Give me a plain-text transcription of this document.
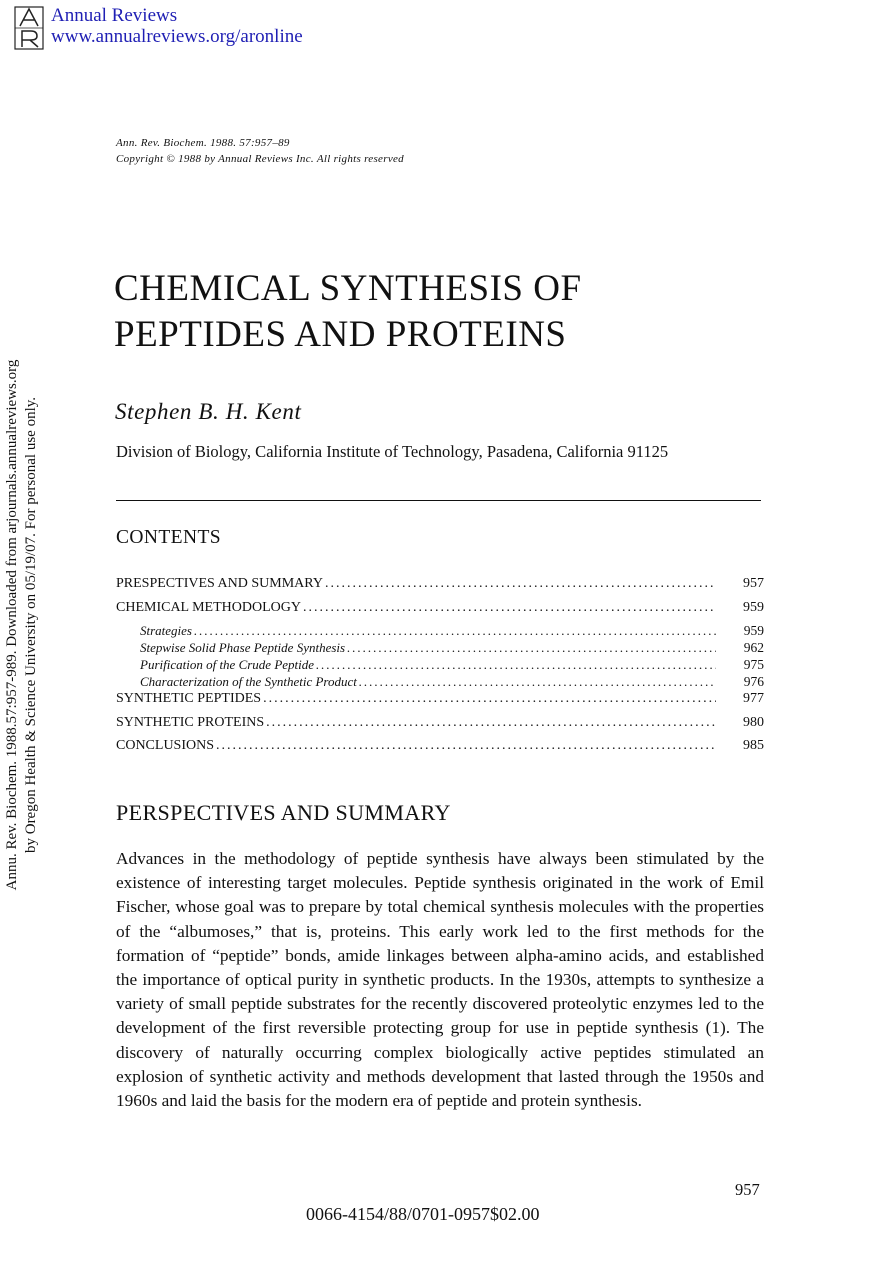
Annual Reviews
www.annualreviews.org/aronline
Annu. Rev. Biochem. 1988.57:957-989. Downloaded from arjournals.annualreviews.org by Oregon Health & Science University on 05/19/07. For personal use only.
Ann. Rev. Biochem. 1988. 57:957–89
Copyright © 1988 by Annual Reviews Inc. All rights reserved
CHEMICAL SYNTHESIS OF
PEPTIDES AND PROTEINS
Stephen B. H. Kent
Division of Biology, California Institute of Technology, Pasadena, California 91125
CONTENTS
PRESPECTIVES AND SUMMARY .....	957
CHEMICAL METHODOLOGY .....	959
Strategies .....	959
Stepwise Solid Phase Peptide Synthesis .....	962
Purification of the Crude Peptide .....	975
Characterization of the Synthetic Product .....	976
SYNTHETIC PEPTIDES .....	977
SYNTHETIC PROTEINS .....	980
CONCLUSIONS .....	985
PERSPECTIVES AND SUMMARY
Advances in the methodology of peptide synthesis have always been stimulated by the existence of interesting target molecules. Peptide synthesis originated in the work of Emil Fischer, whose goal was to prepare by total chemical synthesis molecules with the properties of the “albumoses,” that is, proteins. This early work led to the first methods for the formation of “peptide” bonds, amide linkages between alpha-amino acids, and established the importance of optical purity in synthetic products. In the 1930s, attempts to synthesize a variety of small peptide substrates for the recently discovered proteolytic enzymes led to the development of the first reversible protecting group for use in peptide synthesis (1). The discovery of naturally occurring complex biologically active peptides stimulated an explosion of synthetic activity and methods development that lasted through the 1950s and 1960s and laid the basis for the modern era of peptide and protein synthesis.
957
0066-4154/88/0701-0957$02.00
